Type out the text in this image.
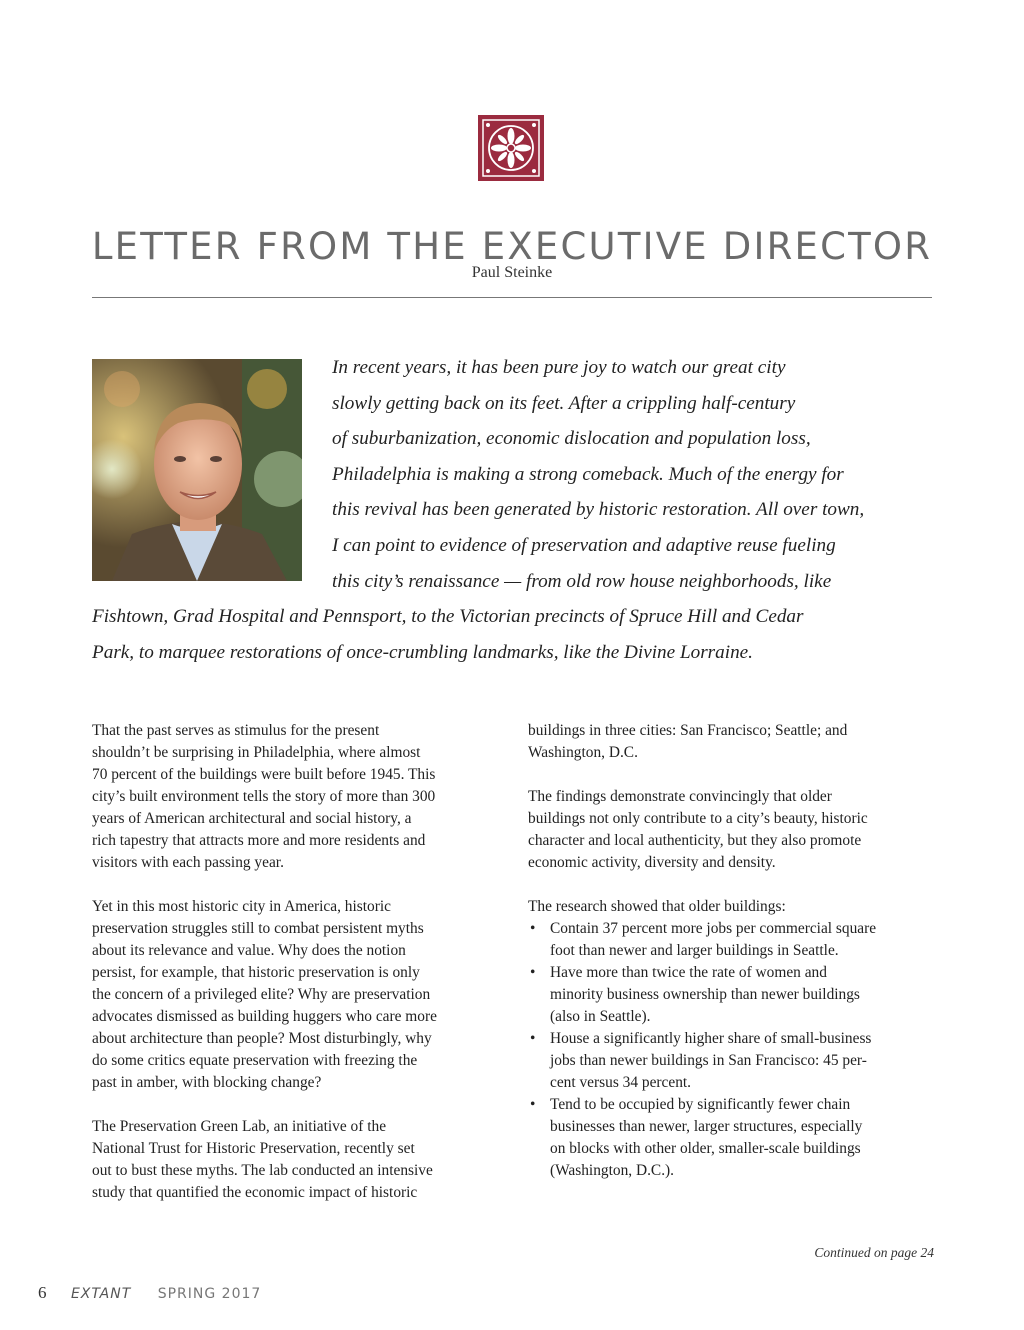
LETTER FROM THE EXECUTIVE DIRECTOR
Paul Steinke
In recent years, it has been pure joy to watch our great city
slowly getting back on its feet. After a crippling half-century
of suburbanization, economic dislocation and population loss,
Philadelphia is making a strong comeback. Much of the energy for
this revival has been generated by historic restoration. All over town,
I can point to evidence of preservation and adaptive reuse fueling
this city’s renaissance — from old row house neighborhoods, like
Fishtown, Grad Hospital and Pennsport, to the Victorian precincts of Spruce Hill and Cedar
Park, to marquee restorations of once-crumbling landmarks, like the Divine Lorraine.

That the past serves as stimulus for the present
shouldn’t be surprising in Philadelphia, where almost
70 percent of the buildings were built before 1945. This
city’s built environment tells the story of more than 300
years of American architectural and social history, a
rich tapestry that attracts more and more residents and
visitors with each passing year.

Yet in this most historic city in America, historic
preservation struggles still to combat persistent myths
about its relevance and value. Why does the notion
persist, for example, that historic preservation is only
the concern of a privileged elite? Why are preservation
advocates dismissed as building huggers who care more
about architecture than people? Most disturbingly, why
do some critics equate preservation with freezing the
past in amber, with blocking change?

The Preservation Green Lab, an initiative of the
National Trust for Historic Preservation, recently set
out to bust these myths. The lab conducted an intensive
study that quantified the economic impact of historic

buildings in three cities: San Francisco; Seattle; and
Washington, D.C.

The findings demonstrate convincingly that older
buildings not only contribute to a city’s beauty, historic
character and local authenticity, but they also promote
economic activity, diversity and density.

The research showed that older buildings:
• Contain 37 percent more jobs per commercial square
foot than newer and larger buildings in Seattle.
• Have more than twice the rate of women and
minority business ownership than newer buildings
(also in Seattle).
• House a significantly higher share of small-business
jobs than newer buildings in San Francisco: 45 per-
cent versus 34 percent.
• Tend to be occupied by significantly fewer chain
businesses than newer, larger structures, especially
on blocks with other older, smaller-scale buildings
(Washington, D.C.).
Continued on page 24
6 EXTANT SPRING 2017
